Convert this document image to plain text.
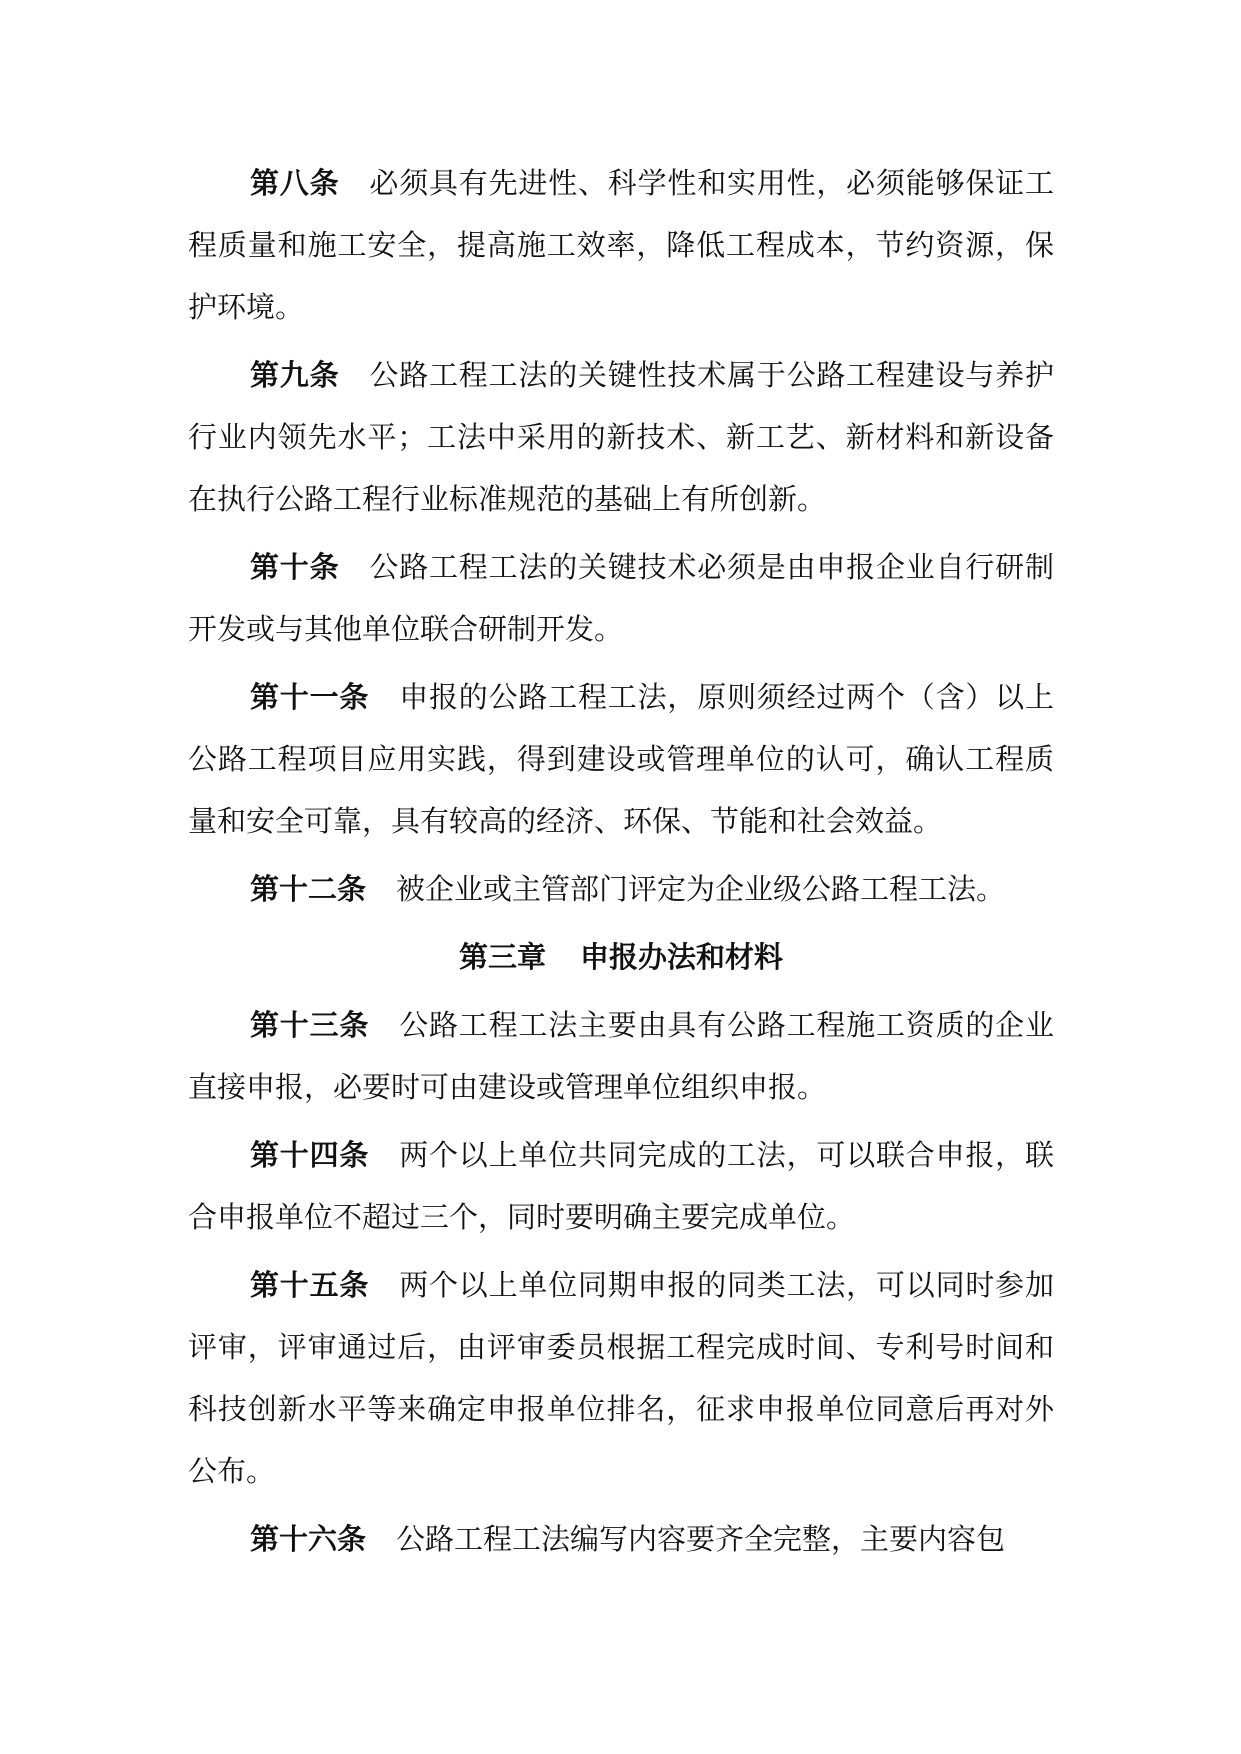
第八条 必须具有先进性、科学性和实用性，必须能够保证工程质量和施工安全，提高施工效率，降低工程成本，节约资源，保护环境。

第九条 公路工程工法的关键性技术属于公路工程建设与养护行业内领先水平；工法中采用的新技术、新工艺、新材料和新设备在执行公路工程行业标准规范的基础上有所创新。

第十条 公路工程工法的关键技术必须是由申报企业自行研制开发或与其他单位联合研制开发。

第十一条 申报的公路工程工法，原则须经过两个（含）以上公路工程项目应用实践，得到建设或管理单位的认可，确认工程质量和安全可靠，具有较高的经济、环保、节能和社会效益。

第十二条 被企业或主管部门评定为企业级公路工程工法。

第三章 申报办法和材料

第十三条 公路工程工法主要由具有公路工程施工资质的企业直接申报，必要时可由建设或管理单位组织申报。

第十四条 两个以上单位共同完成的工法，可以联合申报，联合申报单位不超过三个，同时要明确主要完成单位。

第十五条 两个以上单位同期申报的同类工法，可以同时参加评审，评审通过后，由评审委员根据工程完成时间、专利号时间和科技创新水平等来确定申报单位排名，征求申报单位同意后再对外公布。

第十六条 公路工程工法编写内容要齐全完整，主要内容包
